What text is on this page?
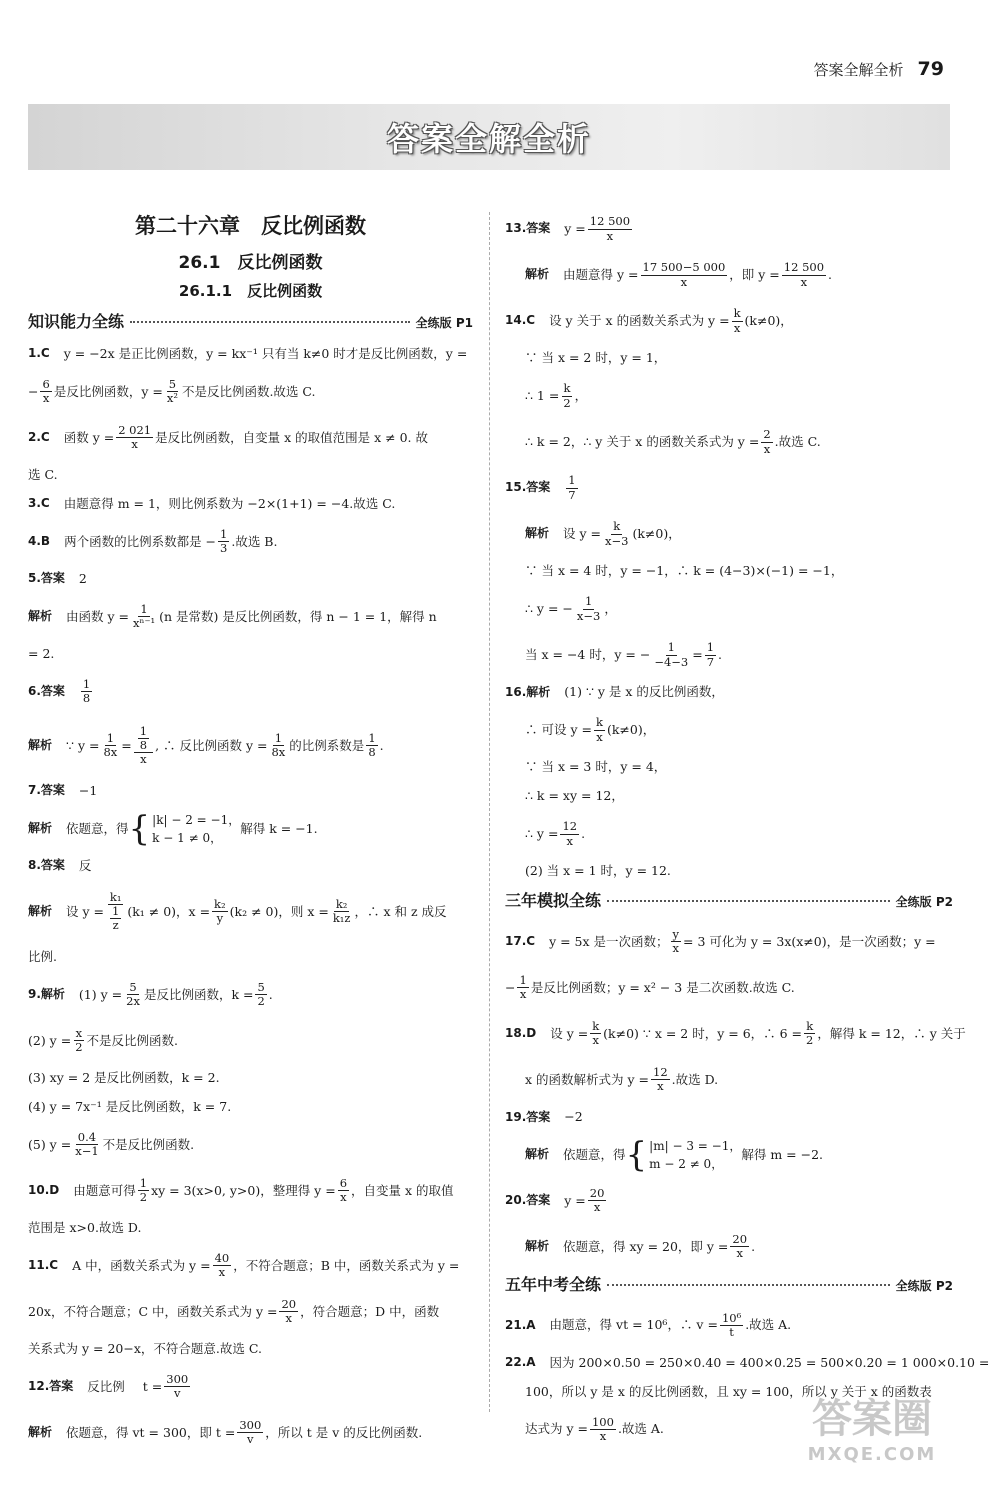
答案全解全析 79
答案全解全析
第二十六章　反比例函数
26.1　反比例函数
26.1.1　反比例函数
知识能力全练	全练版 P1
1.C y = −2x 是正比例函数，y = kx⁻¹ 只有当 k≠0 时才是反比例函数，y =
− $\frac{6}{x}$ 是反比例函数，$y = \frac{5}{\text{x²}}$ 不是反比例函数.故选 C.
2.C 函数 $y = \frac{2 021}{x}$ 是反比例函数，自变量 x 的取值范围是 x ≠ 0. 故
选 C.
3.C 由题意得 m = 1，则比例系数为 −2×(1+1) = −4.故选 C.
4.B 两个函数的比例系数都是 − $\frac{1}{3}$ .故选 B.
5.答案 2
解析 由函数 $y = \frac{1}{\text{xⁿ⁻¹}} (n$ 是常数) 是反比例函数，得 n − 1 = 1，解得 n
= 2.
6.答案 $\frac{1}{8}$
解析 ∵ $y = \frac{1}{8x} = \frac{\frac{1}{8}}{x}$ , ∴ 反比例函数 $y = \frac{1}{8x}$ 的比例系数是 $\frac{1}{8}$ .
7.答案 −1
解析 依题意，得 { |k| − 2 = −1，
k − 1 ≠ 0，
解得 k = −1.
8.答案 反
解析 设 $y = \frac{\text{k₁}}{\frac{1}{z}} (k_1 \ne 0)$，$x = \frac{\text{k₂}}{y} (k_2 \ne 0)$，则 $x = \frac{\text{k₂}}{\text{k₁z}}$ ，∴ x 和 z 成反
比例.
9.解析 (1) $y = \frac{5}{2x}$ 是反比例函数，$k = \frac{5}{2}$ .
(2) $y = \frac{x}{2}$ 不是反比例函数.
(3) xy = 2 是反比例函数，k = 2.
(4) y = 7x⁻¹ 是反比例函数，k = 7.
(5) $y = \frac{0.4}{x-1}$ 不是反比例函数.
10.D 由题意可得 $\frac{1}{2}$ xy = 3(x>0, y>0)，整理得 $y = \frac{6}{x}$ ，自变量 x 的取值
范围是 x>0.故选 D.
11.C A 中，函数关系式为 $y = \frac{40}{x}$ ，不符合题意；B 中，函数关系式为 y =
20x，不符合题意；C 中，函数关系式为 $y = \frac{20}{x}$ ，符合题意；D 中，函数
关系式为 y = 20−x，不符合题意.故选 C.
12.答案 反比例 $t = \frac{300}{v}$
解析 依题意，得 vt = 300，即 $t = \frac{300}{v}$ ，所以 t 是 v 的反比例函数.
13.答案 $y = \frac{12 500}{x}$
解析 由题意得 $y = \frac{17 500-5 000}{x}$ ，即 $y = \frac{12 500}{x}$ .
14.C 设 y 关于 x 的函数关系式为 $y = \frac{k}{x} (k\ne 0)$，
∵ 当 x = 2 时，y = 1，
∴ $1 = \frac{k}{2}$ ，
∴ k = 2，∴ y 关于 x 的函数关系式为 $y = \frac{2}{x}$ .故选 C.
15.答案 $\frac{1}{7}$
解析 设 $y = \frac{k}{x-3} (k\ne 0)$，
∵ 当 x = 4 时，y = −1，∴ k = (4−3)×(−1) = −1，
∴ y = − $\frac{1}{x-3}$ ，
当 x = −4 时，y = − $\frac{1}{-4-3} = \frac{1}{7}$ .
16.解析 (1) ∵ y 是 x 的反比例函数，
∴ 可设 $y = \frac{k}{x} (k\ne 0)$，
∵ 当 x = 3 时，y = 4，
∴ k = xy = 12，
∴ $y = \frac{12}{x}$ .
(2) 当 x = 1 时，y = 12.
三年模拟全练	全练版 P2
17.C y = 5x 是一次函数； $\frac{y}{x} = 3$ 可化为 y = 3x(x≠0)，是一次函数；y =
− $\frac{1}{x}$ 是反比例函数；y = x² − 3 是二次函数.故选 C.
18.D 设 $y = \frac{k}{x} (k\ne 0)$ ∵ x = 2 时，y = 6，∴ $6 = \frac{k}{2}$ ，解得 k = 12，∴ y 关于
x 的函数解析式为 $y = \frac{12}{x}$ .故选 D.
19.答案 −2
解析 依题意，得 { |m| − 3 = −1，
m − 2 ≠ 0，
解得 m = −2.
20.答案 $y = \frac{20}{x}$
解析 依题意，得 xy = 20，即 $y = \frac{20}{x}$ .
五年中考全练	全练版 P2
21.A 由题意，得 vt = 10⁶，∴ $v = \frac{\text{10⁶}}{t}$ .故选 A.
22.A 因为 200×0.50 = 250×0.40 = 400×0.25 = 500×0.20 = 1 000×0.10 =
100，所以 y 是 x 的反比例函数，且 xy = 100，所以 y 关于 x 的函数表
达式为 $y = \frac{100}{x}$ .故选 A.	答案圈
MXQE.COM
